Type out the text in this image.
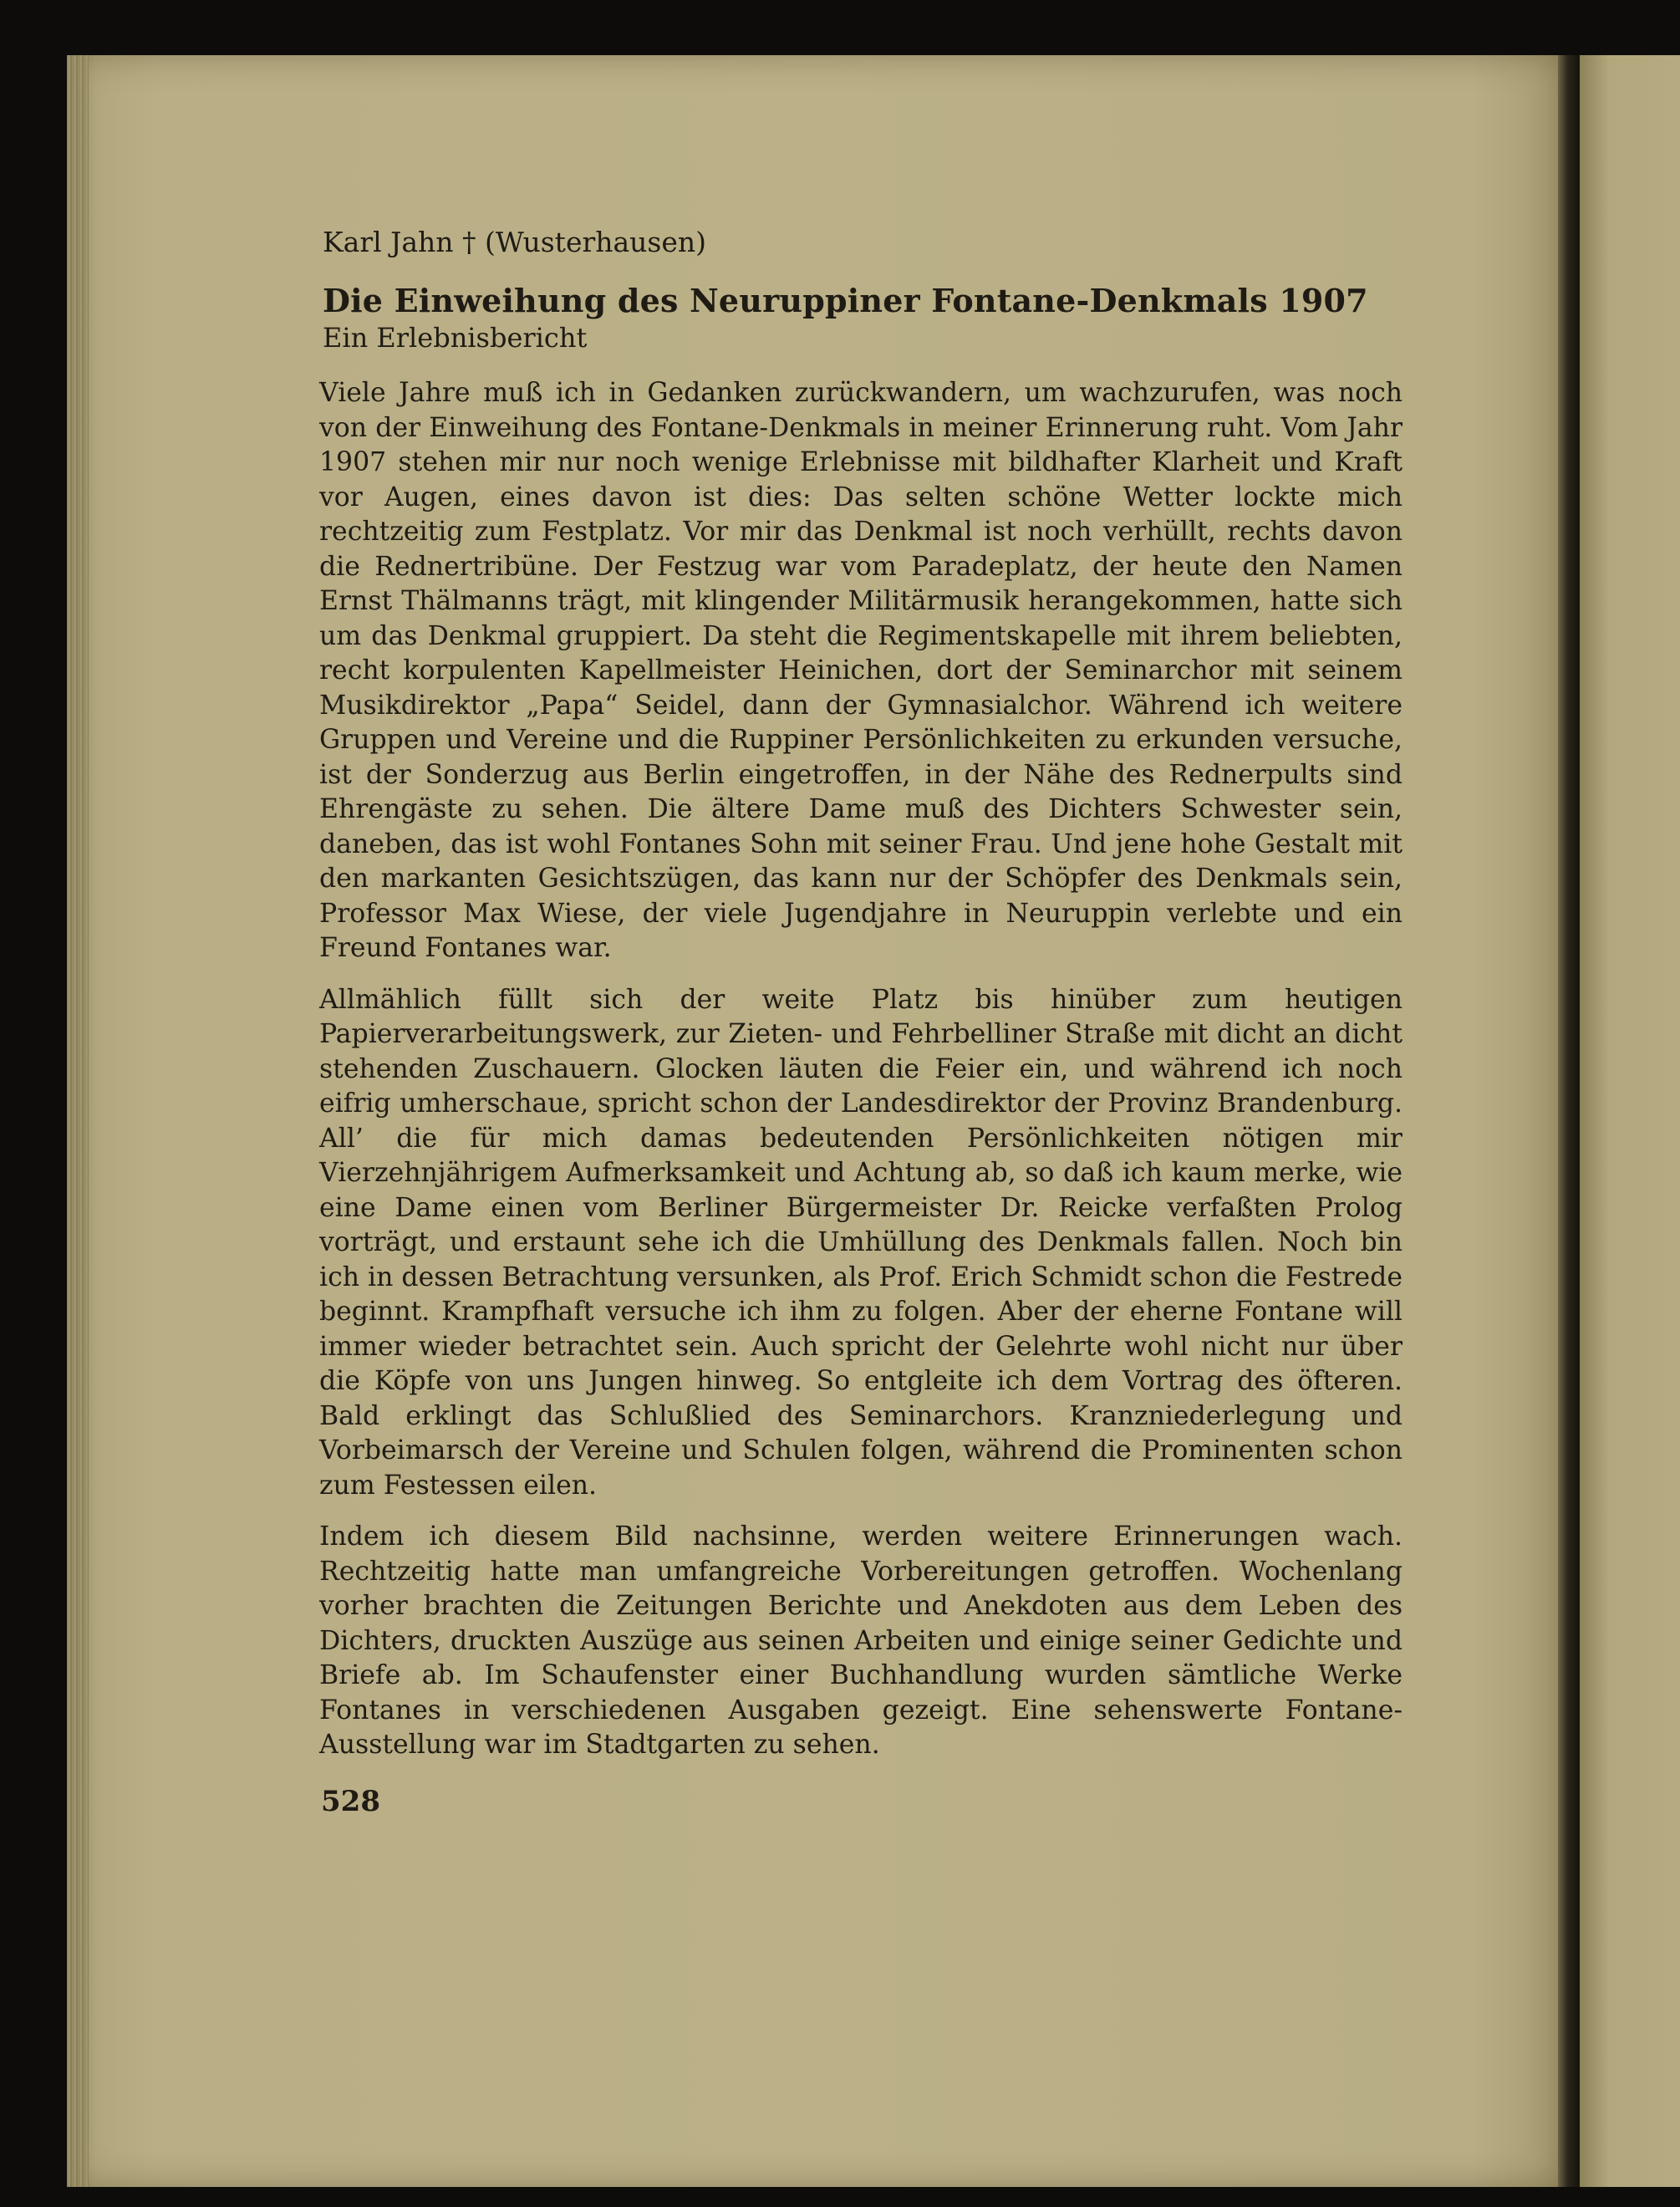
Karl Jahn † (Wusterhausen)
Die Einweihung des Neuruppiner Fontane-Denkmals 1907
Ein Erlebnisbericht

Viele Jahre muß ich in Gedanken zurückwandern, um wachzurufen, was noch von der Einweihung des Fontane-Denkmals in meiner Erinnerung ruht. Vom Jahr 1907 stehen mir nur noch wenige Erlebnisse mit bildhafter Klarheit und Kraft vor Augen, eines davon ist dies: Das selten schöne Wetter lockte mich rechtzeitig zum Festplatz. Vor mir das Denkmal ist noch verhüllt, rechts davon die Rednertribüne. Der Festzug war vom Paradeplatz, der heute den Namen Ernst Thälmanns trägt, mit klingender Militärmusik herangekommen, hatte sich um das Denkmal gruppiert. Da steht die Regimentskapelle mit ihrem beliebten, recht korpulenten Kapellmeister Heinichen, dort der Seminarchor mit seinem Musikdirektor „Papa“ Seidel, dann der Gymnasialchor. Während ich weitere Gruppen und Vereine und die Ruppiner Persönlichkeiten zu erkunden versuche, ist der Sonderzug aus Berlin eingetroffen, in der Nähe des Rednerpults sind Ehrengäste zu sehen. Die ältere Dame muß des Dichters Schwester sein, daneben, das ist wohl Fontanes Sohn mit seiner Frau. Und jene hohe Gestalt mit den markanten Gesichtszügen, das kann nur der Schöpfer des Denkmals sein, Professor Max Wiese, der viele Jugendjahre in Neuruppin verlebte und ein Freund Fontanes war.

Allmählich füllt sich der weite Platz bis hinüber zum heutigen Papierverarbeitungswerk, zur Zieten- und Fehrbelliner Straße mit dicht an dicht stehenden Zuschauern. Glocken läuten die Feier ein, und während ich noch eifrig umherschaue, spricht schon der Landesdirektor der Provinz Brandenburg. All’ die für mich damas bedeutenden Persönlichkeiten nötigen mir Vierzehnjährigem Aufmerksamkeit und Achtung ab, so daß ich kaum merke, wie eine Dame einen vom Berliner Bürgermeister Dr. Reicke verfaßten Prolog vorträgt, und erstaunt sehe ich die Umhüllung des Denkmals fallen. Noch bin ich in dessen Betrachtung versunken, als Prof. Erich Schmidt schon die Festrede beginnt. Krampfhaft versuche ich ihm zu folgen. Aber der eherne Fontane will immer wieder betrachtet sein. Auch spricht der Gelehrte wohl nicht nur über die Köpfe von uns Jungen hinweg. So entgleite ich dem Vortrag des öfteren. Bald erklingt das Schlußlied des Seminarchors. Kranzniederlegung und Vorbeimarsch der Vereine und Schulen folgen, während die Prominenten schon zum Festessen eilen.

Indem ich diesem Bild nachsinne, werden weitere Erinnerungen wach. Rechtzeitig hatte man umfangreiche Vorbereitungen getroffen. Wochenlang vorher brachten die Zeitungen Berichte und Anekdoten aus dem Leben des Dichters, druckten Auszüge aus seinen Arbeiten und einige seiner Gedichte und Briefe ab. Im Schaufenster einer Buchhandlung wurden sämtliche Werke Fontanes in verschiedenen Ausgaben gezeigt. Eine sehenswerte Fontane-Ausstellung war im Stadtgarten zu sehen.

528
